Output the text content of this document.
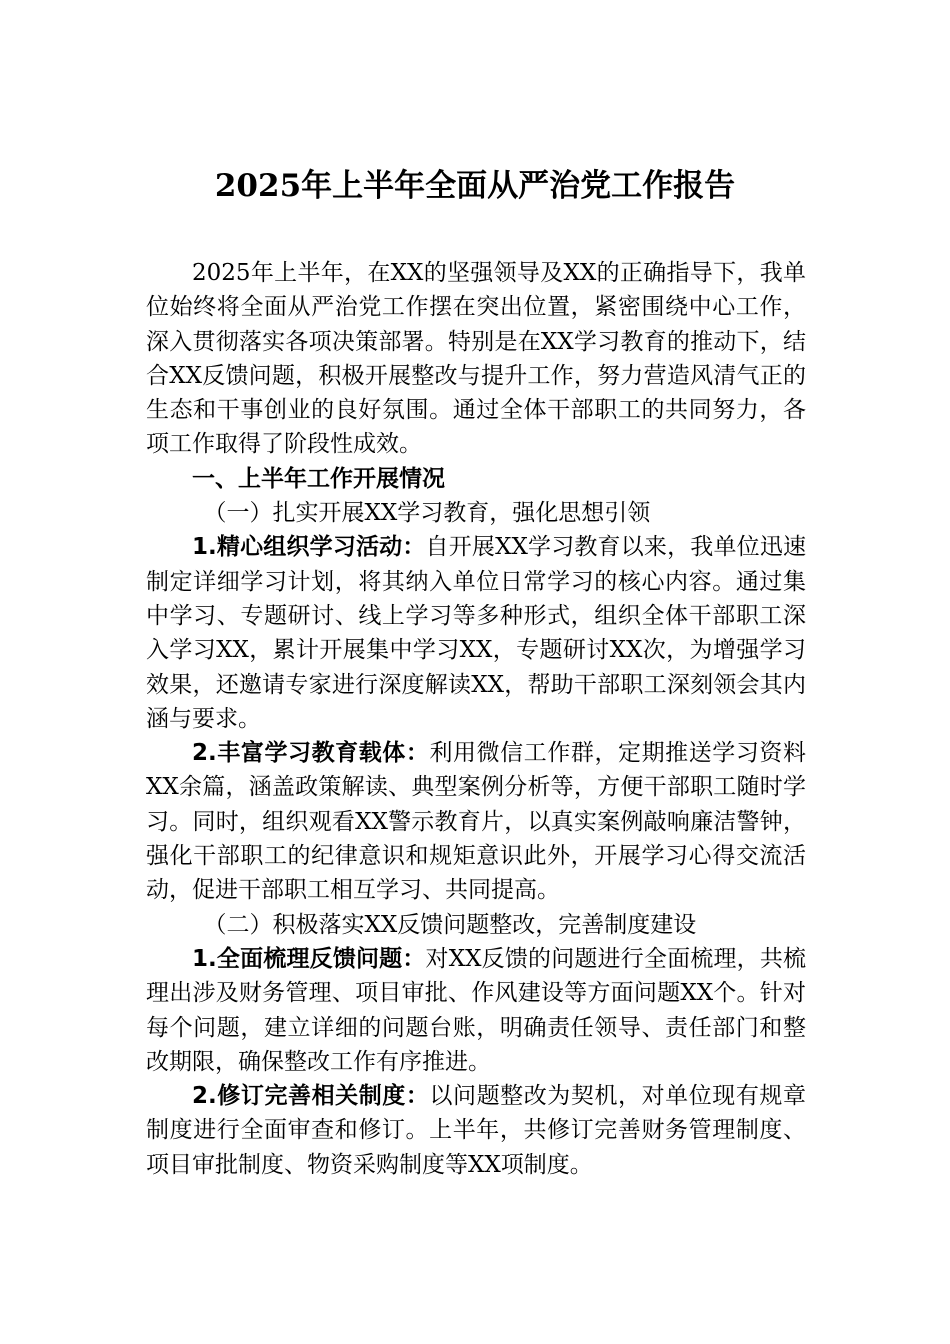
2025年上半年全面从严治党工作报告

2025年上半年，在XX的坚强领导及XX的正确指导下，我单位始终将全面从严治党工作摆在突出位置，紧密围绕中心工作，深入贯彻落实各项决策部署。特别是在XX学习教育的推动下，结合XX反馈问题，积极开展整改与提升工作，努力营造风清气正的生态和干事创业的良好氛围。通过全体干部职工的共同努力，各项工作取得了阶段性成效。

一、上半年工作开展情况

（一）扎实开展XX学习教育，强化思想引领

1.精心组织学习活动：自开展XX学习教育以来，我单位迅速制定详细学习计划，将其纳入单位日常学习的核心内容。通过集中学习、专题研讨、线上学习等多种形式，组织全体干部职工深入学习XX，累计开展集中学习XX，专题研讨XX次，为增强学习效果，还邀请专家进行深度解读XX，帮助干部职工深刻领会其内涵与要求。

2.丰富学习教育载体：利用微信工作群，定期推送学习资料XX余篇，涵盖政策解读、典型案例分析等，方便干部职工随时学习。同时，组织观看XX警示教育片，以真实案例敲响廉洁警钟，强化干部职工的纪律意识和规矩意识此外，开展学习心得交流活动，促进干部职工相互学习、共同提高。

（二）积极落实XX反馈问题整改，完善制度建设

1.全面梳理反馈问题：对XX反馈的问题进行全面梳理，共梳理出涉及财务管理、项目审批、作风建设等方面问题XX个。针对每个问题，建立详细的问题台账，明确责任领导、责任部门和整改期限，确保整改工作有序推进。

2.修订完善相关制度：以问题整改为契机，对单位现有规章制度进行全面审查和修订。上半年，共修订完善财务管理制度、项目审批制度、物资采购制度等XX项制度。
